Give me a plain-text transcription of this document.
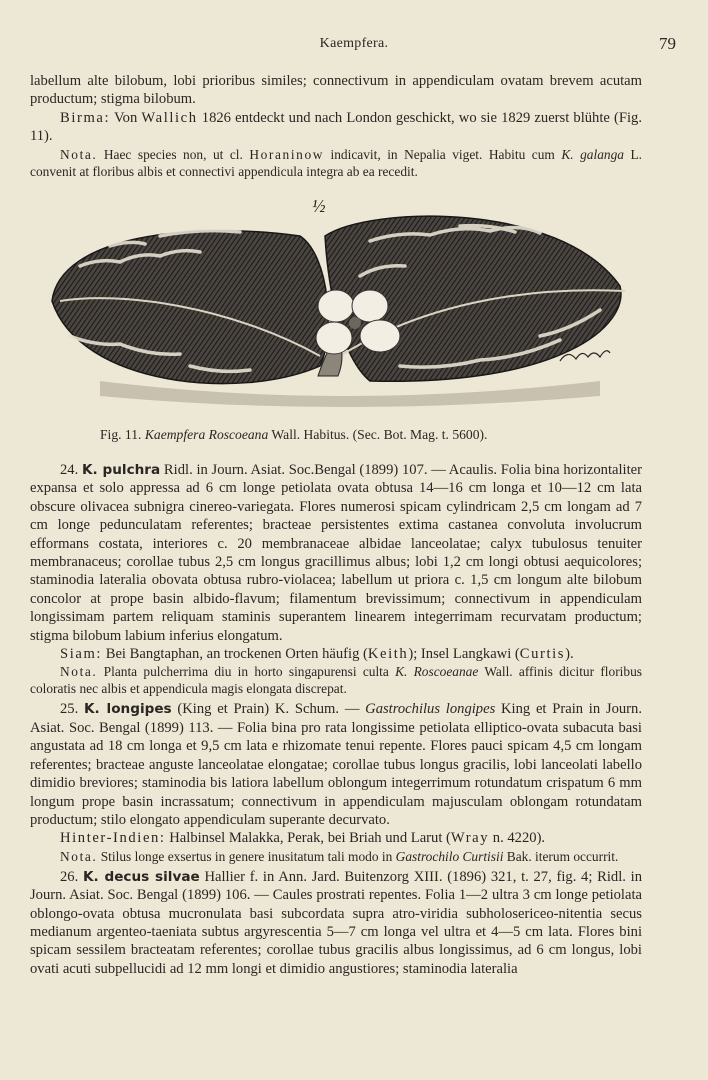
Kaempfera.	79

labellum alte bilobum, lobi prioribus similes; connectivum in appendiculam ovatam brevem acutam productum; stigma bilobum.

Birma: Von Wallich 1826 entdeckt und nach London geschickt, wo sie 1829 zuerst blühte (Fig. 11).

Nota. Haec species non, ut cl. Horaninow indicavit, in Nepalia viget. Habitu cum K. galanga L. convenit at floribus albis et connectivi appendicula integra ab ea recedit.

½
Fig. 11. Kaempfera Roscoeana Wall. Habitus. (Sec. Bot. Mag. t. 5600).

24. K. pulchra Ridl. in Journ. Asiat. Soc.Bengal (1899) 107. — Acaulis. Folia bina horizontaliter expansa et solo appressa ad 6 cm longe petiolata ovata obtusa 14—16 cm longa et 10—12 cm lata obscure olivacea subnigra cinereo-variegata. Flores numerosi spicam cylindricam 2,5 cm longam ad 7 cm longe pedunculatam referentes; bracteae persistentes extima castanea convoluta involucrum efformans costata, interiores c. 20 membranaceae albidae lanceolatae; calyx tubulosus tenuiter membranaceus; corollae tubus 2,5 cm longus gracillimus albus; lobi 1,2 cm longi obtusi aequicolores; staminodia lateralia obovata obtusa rubro-violacea; labellum ut priora c. 1,5 cm longum alte bilobum concolor at prope basin albido-flavum; filamentum brevissimum; connectivum in appendiculam longissimam partem reliquam staminis superantem linearem integerrimam recurvatam productum; stigma bilobum labium inferius elongatum.

Siam: Bei Bangtaphan, an trockenen Orten häufig (Keith); Insel Langkawi (Curtis).

Nota. Planta pulcherrima diu in horto singapurensi culta K. Roscoeanae Wall. affinis dicitur floribus coloratis nec albis et appendicula magis elongata discrepat.

25. K. longipes (King et Prain) K. Schum. — Gastrochilus longipes King et Prain in Journ. Asiat. Soc. Bengal (1899) 113. — Folia bina pro rata longissime petiolata elliptico-ovata subacuta basi angustata ad 18 cm longa et 9,5 cm lata e rhizomate tenui repente. Flores pauci spicam 4,5 cm longam referentes; bracteae anguste lanceolatae elongatae; corollae tubus longus gracilis, lobi lanceolati labello dimidio breviores; staminodia bis latiora labellum oblongum integerrimum rotundatum crispatum 6 mm longum prope basin incrassatum; connectivum in appendiculam majusculam oblongam rotundatam productum; stilo elongato appendiculam superante decurvato.

Hinter-Indien: Halbinsel Malakka, Perak, bei Briah und Larut (Wray n. 4220).

Nota. Stilus longe exsertus in genere inusitatum tali modo in Gastrochilo Curtisii Bak. iterum occurrit.

26. K. decus silvae Hallier f. in Ann. Jard. Buitenzorg XIII. (1896) 321, t. 27, fig. 4; Ridl. in Journ. Asiat. Soc. Bengal (1899) 106. — Caules prostrati repentes. Folia 1—2 ultra 3 cm longe petiolata oblongo-ovata obtusa mucronulata basi subcordata supra atro-viridia subholosericeo-nitentia secus medianum argenteo-taeniata subtus argyrescentia 5—7 cm longa vel ultra et 4—5 cm lata. Flores bini spicam sessilem bracteatam referentes; corollae tubus gracilis albus longissimus, ad 6 cm longus, lobi ovati acuti subpellucidi ad 12 mm longi et dimidio angustiores; staminodia lateralia
